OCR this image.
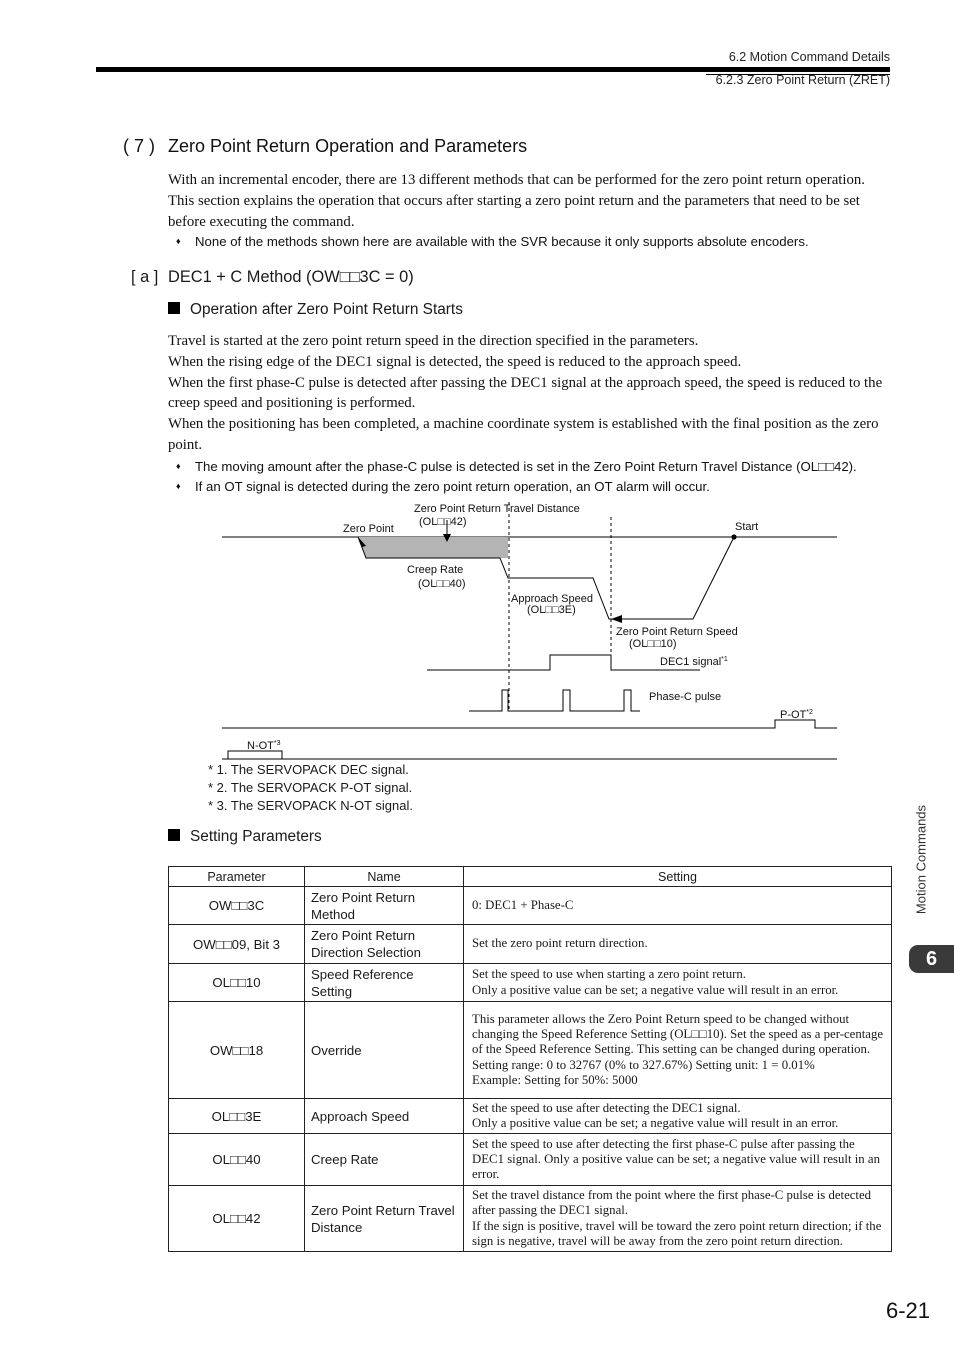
6.2 Motion Command Details
6.2.3 Zero Point Return (ZRET)
( 7 ) Zero Point Return Operation and Parameters

With an incremental encoder, there are 13 different methods that can be performed for the zero point return operation. This section explains the operation that occurs after starting a zero point return and the parameters that need to be set before executing the command.

♦ None of the methods shown here are available with the SVR because it only supports absolute encoders.
[ a ] DEC1 + C Method (OW□□3C = 0)
Operation after Zero Point Return Starts

Travel is started at the zero point return speed in the direction specified in the parameters.

When the rising edge of the DEC1 signal is detected, the speed is reduced to the approach speed.

When the first phase-C pulse is detected after passing the DEC1 signal at the approach speed, the speed is reduced to the creep speed and positioning is performed.

When the positioning has been completed, a machine coordinate system is established with the final position as the zero point.

♦ The moving amount after the phase-C pulse is detected is set in the Zero Point Return Travel Distance (OL□□42).
♦ If an OT signal is detected during the zero point return operation, an OT alarm will occur.
Zero Point
Zero Point Return Travel Distance
(OL□□42)	Start
Creep Rate
(OL□□40)
Approach Speed
(OL□□3E)
Zero Point Return Speed
(OL□□10)
DEC1 signal$^{*1}$
Phase-C pulse
P-OT$^{*2}$
N-OT$^{*3}$
* 1. The SERVOPACK DEC signal.
* 2. The SERVOPACK P-OT signal.
* 3. The SERVOPACK N-OT signal.
Setting Parameters
Parameter	Name	Setting
OW□□3C	Zero Point Return Method	0: DEC1 + Phase-C
OW□□09, Bit 3	Zero Point Return Direction Selection	Set the zero point return direction.
OL□□10	Speed Reference Setting	Set the speed to use when starting a zero point return.
Only a positive value can be set; a negative value will result in an error.
OW□□18	Override	This parameter allows the Zero Point Return speed to be changed without changing the Speed Reference Setting (OL□□10). Set the speed as a per-centage of the Speed Reference Setting. This setting can be changed during operation.
Setting range: 0 to 32767 (0% to 327.67%) Setting unit: 1 = 0.01%
Example: Setting for 50%: 5000
OL□□3E	Approach Speed	Set the speed to use after detecting the DEC1 signal.
Only a positive value can be set; a negative value will result in an error.
OL□□40	Creep Rate	Set the speed to use after detecting the first phase-C pulse after passing the DEC1 signal. Only a positive value can be set; a negative value will result in an error.
OL□□42	Zero Point Return Travel Distance	Set the travel distance from the point where the first phase-C pulse is detected after passing the DEC1 signal.
If the sign is positive, travel will be toward the zero point return direction; if the sign is negative, travel will be away from the zero point return direction.
Motion Commands
6
6-21
